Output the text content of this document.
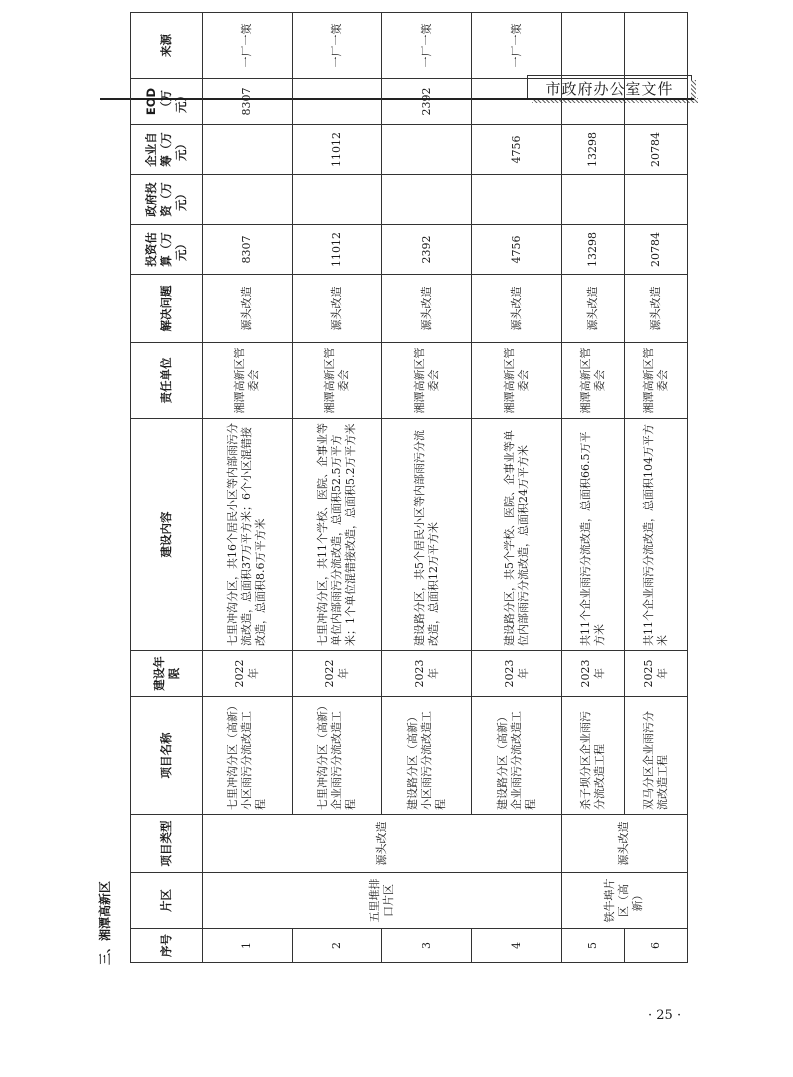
市政府办公室文件
三、湘潭高新区	序号	片区	项目类型	项目名称	建设年限	建设内容	责任单位	解决问题	投资估算（万元）	政府投资（万元）	企业自筹（万元）	EOD（万元）	来源
1	五里堆排口片区	源头改造	七里冲沟分区（高新）小区雨污分流改造工程	2022年	七里冲沟分区，共16个居民小区等内部雨污分流改造，总面积37万平方米；6个小区混错接改造，总面积8.6万平方米	湘潭高新区管委会	源头改造	8307			8307	一厂一策
2			七里冲沟分区（高新）企业雨污分流改造工程	2022年	七里冲沟分区，共11个学校、医院、企事业等单位内部雨污分流改造，总面积52.5万平方米；1个单位混错接改造，总面积5.2万平方米	湘潭高新区管委会	源头改造	11012		11012		一厂一策
3			建设路分区（高新）小区雨污分流改造工程	2023年	建设路分区，共5个居民小区等内部雨污分流改造，总面积12万平方米	湘潭高新区管委会	源头改造	2392			2392	一厂一策
4			建设路分区（高新）企业雨污分流改造工程	2023年	建设路分区，共5个学校、医院、企事业等单位内部雨污分流改造，总面积24万平方米	湘潭高新区管委会	源头改造	4756		4756		一厂一策
5	铁牛埠片区（高新）	源头改造	杀子坝分区企业雨污分流改造工程	2023年	共11个企业雨污分流改造，总面积66.5万平方米	湘潭高新区管委会	源头改造	13298		13298		
6			双马分区企业雨污分流改造工程	2025年	共11个企业雨污分流改造，总面积104万平方米	湘潭高新区管委会	源头改造	20784		20784		
· 25 ·
